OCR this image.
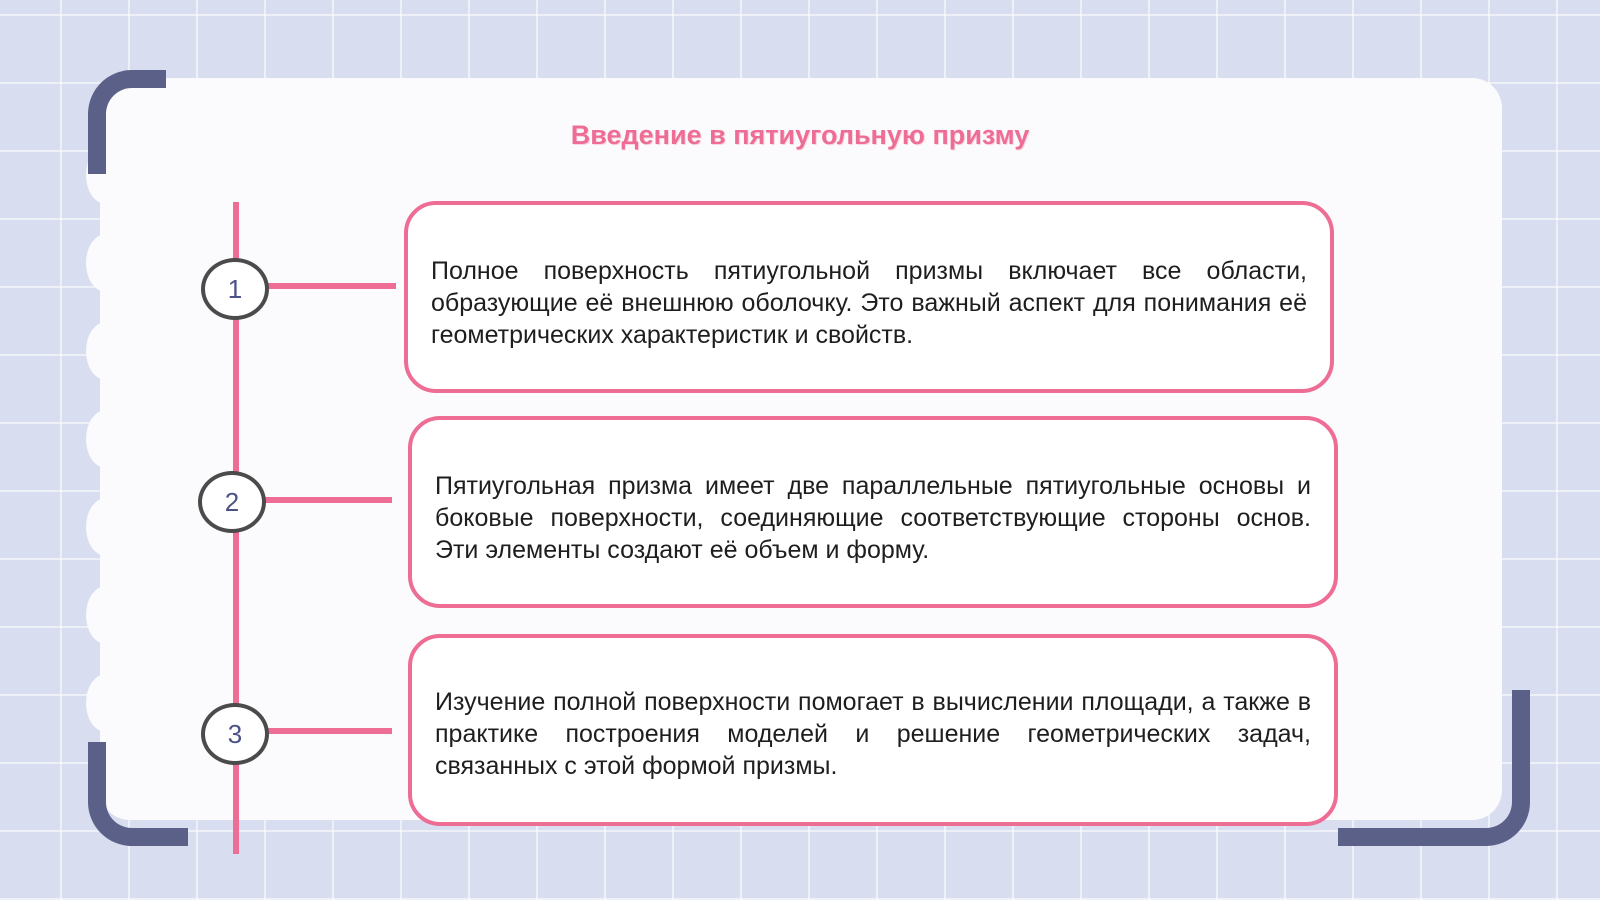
Введение в пятиугольную призму
1
2
3

Полное поверхность пятиугольной призмы включает все области, образующие её внешнюю оболочку. Это важный аспект для понимания её геометрических характеристик и свойств.

Пятиугольная призма имеет две параллельные пятиугольные основы и боковые поверхности, соединяющие соответствующие стороны основ. Эти элементы создают её объем и форму.

Изучение полной поверхности помогает в вычислении площади, а также в практике построения моделей и решение геометрических задач, связанных с этой формой призмы.
